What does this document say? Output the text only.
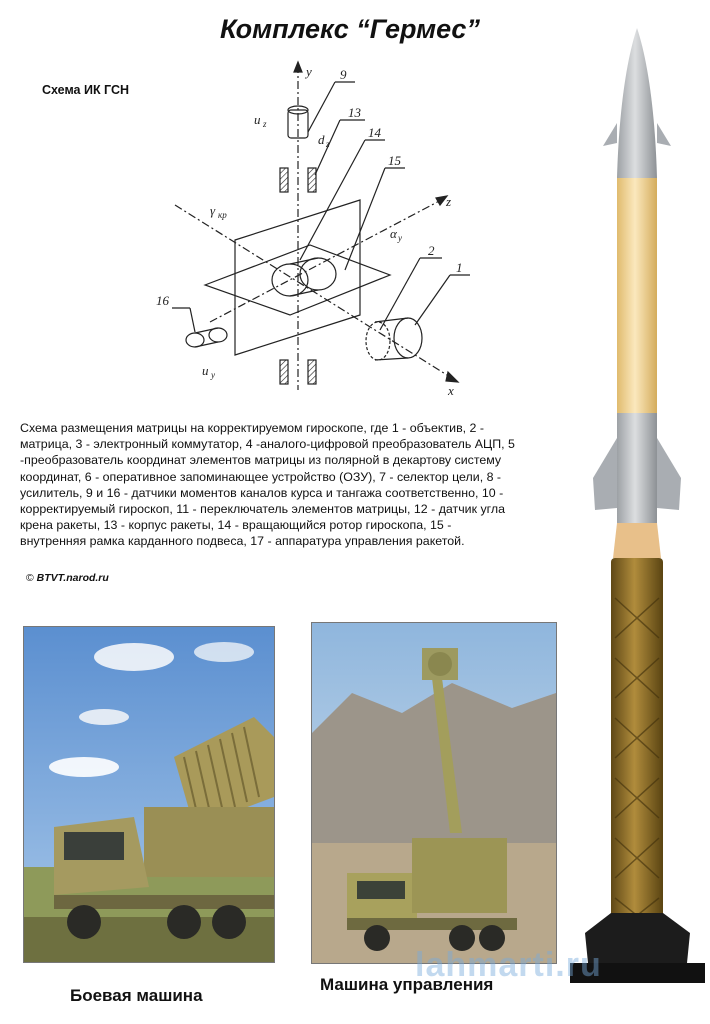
Комплекс “Гермес”
Схема ИК ГСН
y
z
x
u z
u y
d z
α y
γ кр
9
13
14
15
2
1
16
Схема размещения матрицы на корректируемом гироскопе, где 1 - объектив, 2 -
матрица, 3 - электронный коммутатор, 4 -аналого-цифровой преобразователь АЦП, 5
-преобразователь координат элементов матрицы из полярной в декартову систему
координат, 6 - оперативное запоминающее устройство (ОЗУ), 7 - селектор цели, 8 -
усилитель, 9 и 16 - датчики моментов каналов курса и тангажа соответственно, 10 -
корректируемый гироскоп, 11 - переключатель элементов матрицы, 12 - датчик угла
крена ракеты, 13 - корпус ракеты, 14 - вращающийся ротор гироскопа, 15 -
внутренняя рамка карданного подвеса, 17 - аппаратура управления ракетой.
© BTVT.narod.ru
Боевая машина
Машина управления
lahmarti.ru
